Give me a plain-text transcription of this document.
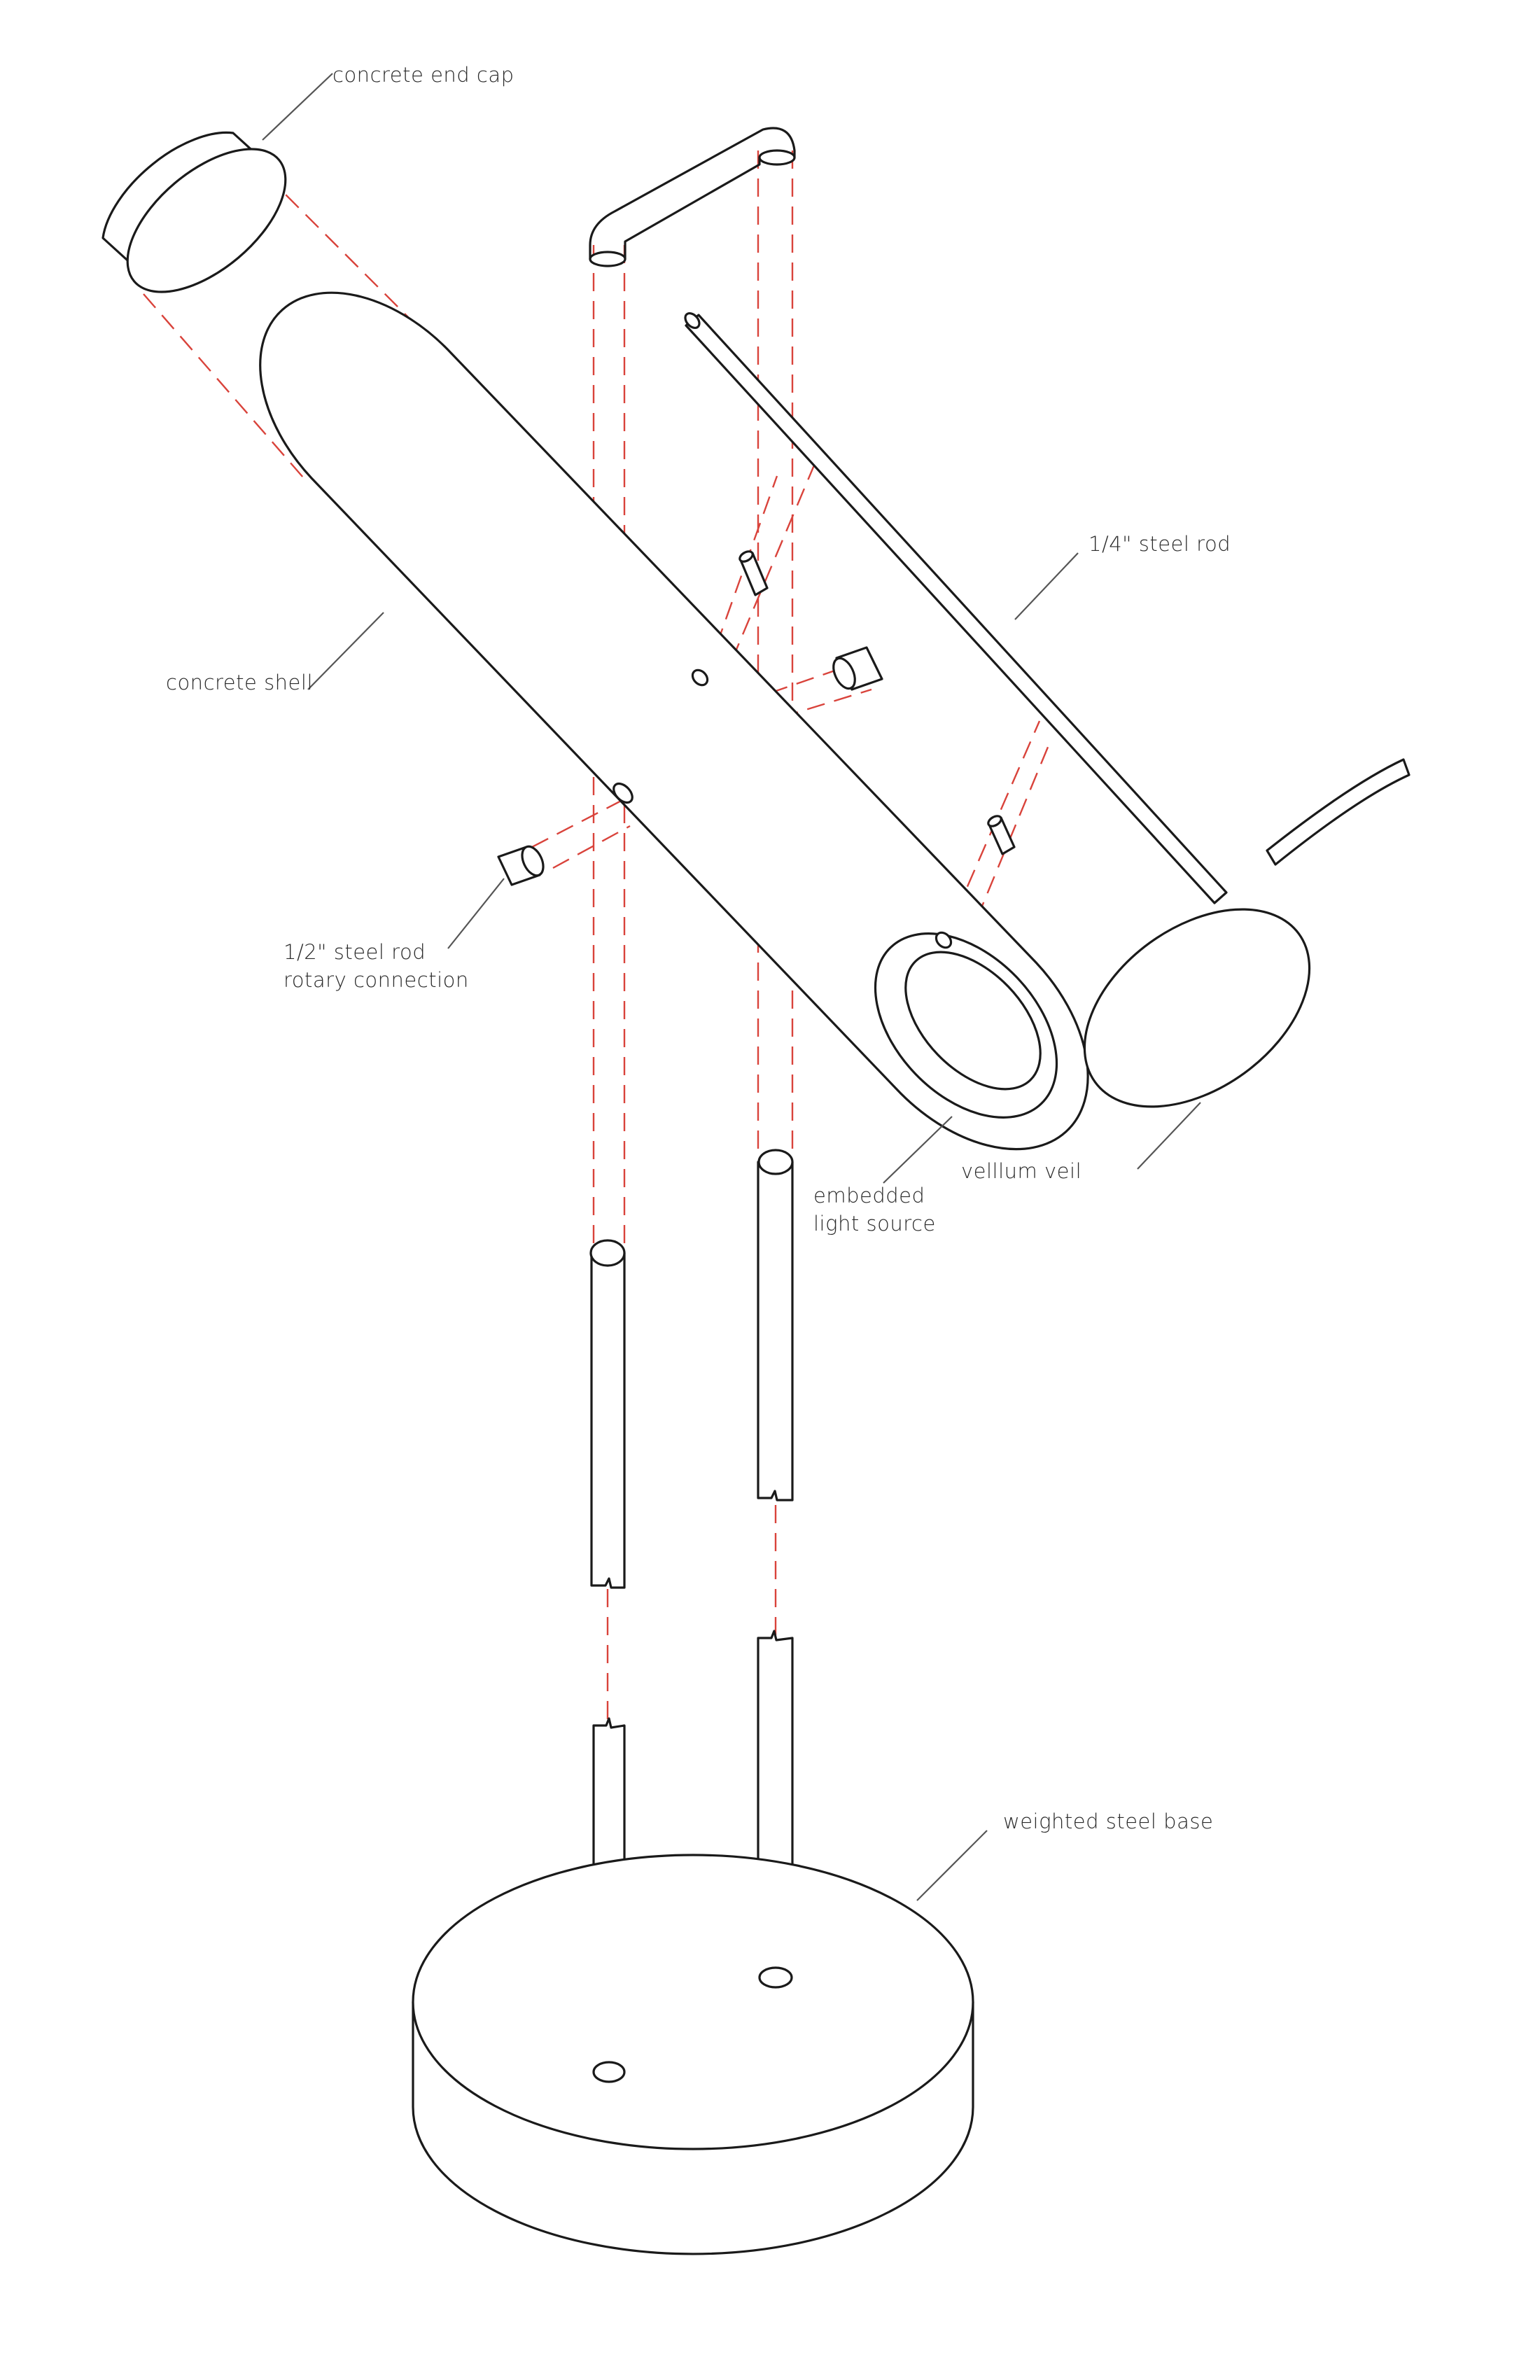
concrete end cap
1/4" steel rod
concrete shell
1/2" steel rod
rotary connection
embedded
light source
velllum veil
weighted steel base
